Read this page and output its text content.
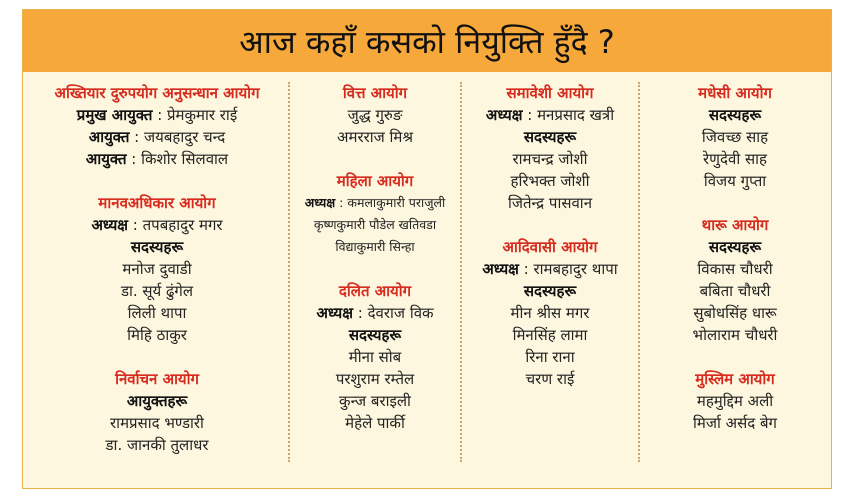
आज कहाँ कसको नियुक्ति हुँदै ?
अख्तियार दुरुपयोग अनुसन्धान आयोग
प्रमुख आयुक्त : प्रेमकुमार राई
आयुक्त : जयबहादुर चन्द
आयुक्त : किशोर सिलवाल
मानवअधिकार आयोग
अध्यक्ष : तपबहादुर मगर
सदस्यहरू
मनोज दुवाडी
डा. सूर्य ढुंगेल
लिली थापा
मिहि ठाकुर
निर्वाचन आयोग
आयुक्तहरू
रामप्रसाद भण्डारी
डा. जानकी तुलाधर
वित्त आयोग
जुद्ध गुरुङ
अमरराज मिश्र
महिला आयोग
अध्यक्ष : कमलाकुमारी पराजुली
कृष्णकुमारी पौडेल खतिवडा
विद्याकुमारी सिन्हा
दलित आयोग
अध्यक्ष : देवराज विक
सदस्यहरू
मीना सोब
परशुराम रम्तेल
कुन्ज बराइली
मेहेले पार्की
समावेशी आयोग
अध्यक्ष : मनप्रसाद खत्री
सदस्यहरू
रामचन्द्र जोशी
हरिभक्त जोशी
जितेन्द्र पासवान
आदिवासी आयोग
अध्यक्ष : रामबहादुर थापा
सदस्यहरू
मीन श्रीस मगर
मिनसिंह लामा
रिना राना
चरण राई
मधेसी आयोग
सदस्यहरू
जिवच्छ साह
रेणुदेवी साह
विजय गुप्ता
थारू आयोग
सदस्यहरू
विकास चौधरी
बबिता चौधरी
सुबोधसिंह धारू
भोलाराम चौधरी
मुस्लिम आयोग
महमुद्दिम अली
मिर्जा अर्सद बेग
